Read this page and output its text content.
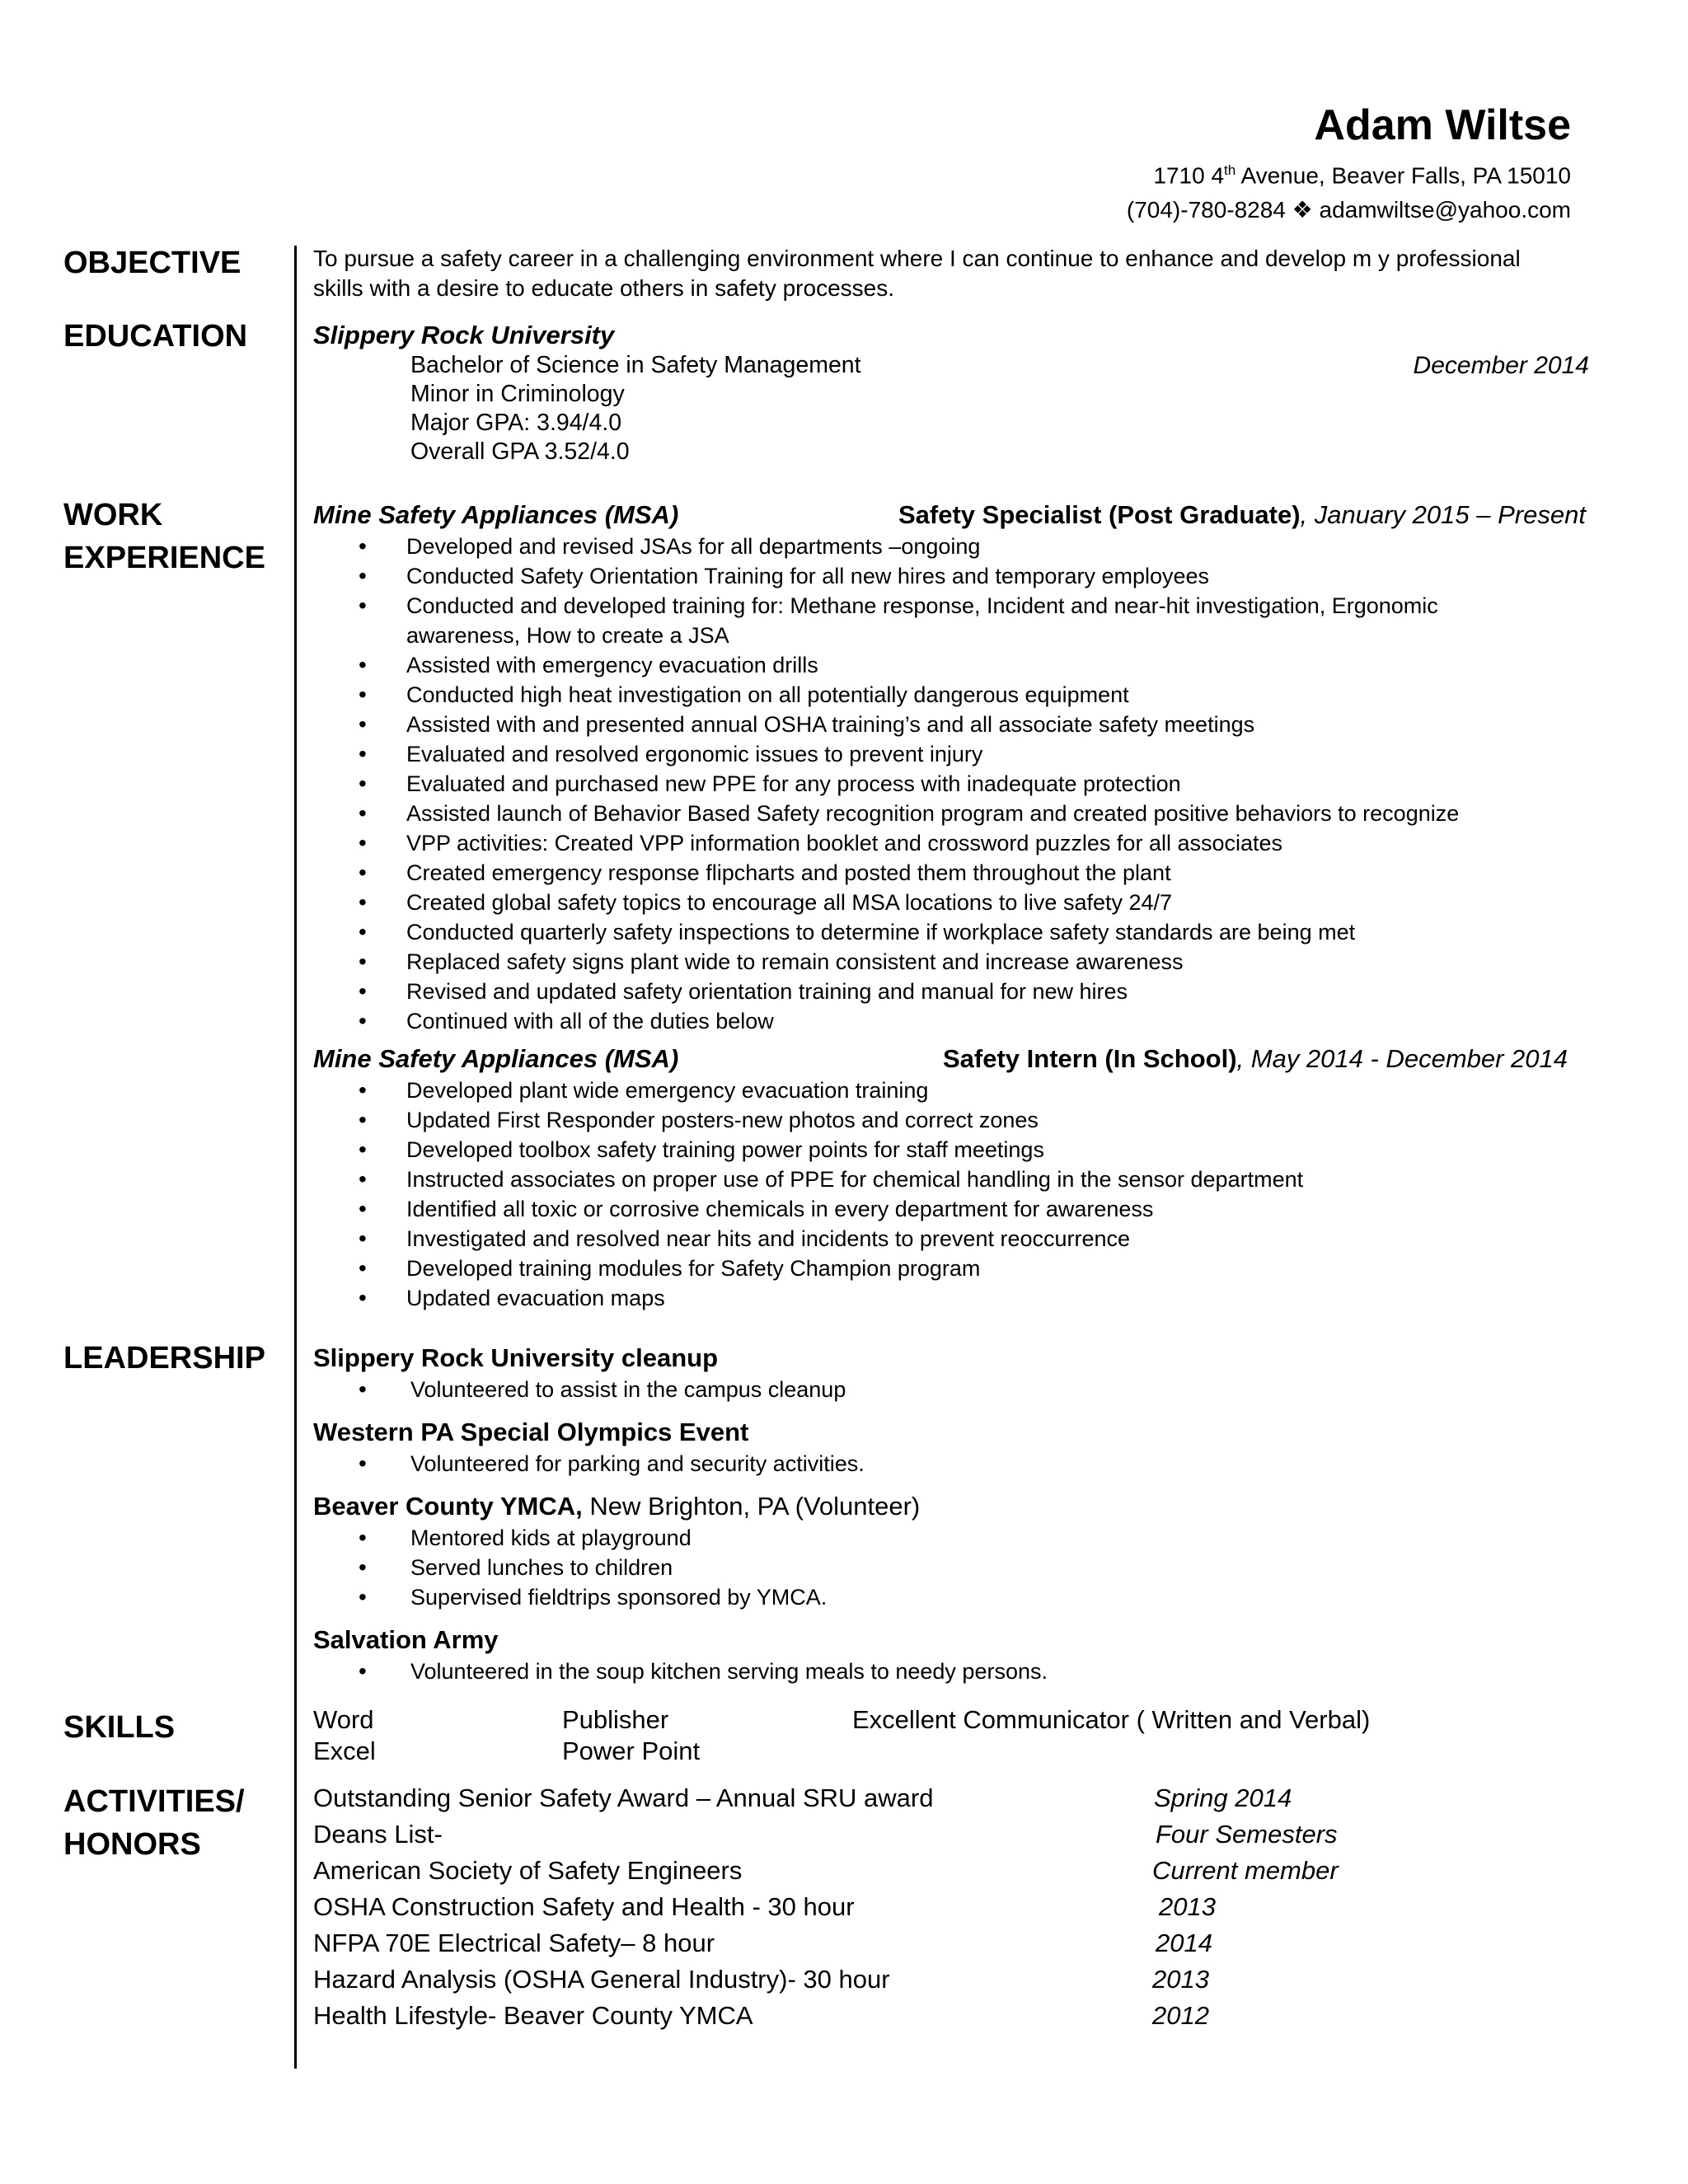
Adam Wiltse
1710 4th Avenue, Beaver Falls, PA 15010
(704)-780-8284 ❖ adamwiltse@yahoo.com
OBJECTIVE
EDUCATION
WORK
EXPERIENCE
LEADERSHIP
SKILLS
ACTIVITIES/
HONORS
To pursue a safety career in a challenging environment where I can continue to enhance and develop m y professional
skills with a desire to educate others in safety processes.
Slippery Rock University
Bachelor of Science in Safety Management	December 2014
Minor in Criminology
Major GPA: 3.94/4.0
Overall GPA 3.52/4.0
Mine Safety Appliances (MSA)	Safety Specialist (Post Graduate), January 2015 – Present
• Developed and revised JSAs for all departments –ongoing
• Conducted Safety Orientation Training for all new hires and temporary employees
• Conducted and developed training for: Methane response, Incident and near-hit investigation, Ergonomic
awareness, How to create a JSA
• Assisted with emergency evacuation drills
• Conducted high heat investigation on all potentially dangerous equipment
• Assisted with and presented annual OSHA training’s and all associate safety meetings
• Evaluated and resolved ergonomic issues to prevent injury
• Evaluated and purchased new PPE for any process with inadequate protection
• Assisted launch of Behavior Based Safety recognition program and created positive behaviors to recognize
• VPP activities: Created VPP information booklet and crossword puzzles for all associates
• Created emergency response flipcharts and posted them throughout the plant
• Created global safety topics to encourage all MSA locations to live safety 24/7
• Conducted quarterly safety inspections to determine if workplace safety standards are being met
• Replaced safety signs plant wide to remain consistent and increase awareness
• Revised and updated safety orientation training and manual for new hires
• Continued with all of the duties below
Mine Safety Appliances (MSA)	Safety Intern (In School), May 2014 - December 2014
• Developed plant wide emergency evacuation training
• Updated First Responder posters-new photos and correct zones
• Developed toolbox safety training power points for staff meetings
• Instructed associates on proper use of PPE for chemical handling in the sensor department
• Identified all toxic or corrosive chemicals in every department for awareness
• Investigated and resolved near hits and incidents to prevent reoccurrence
• Developed training modules for Safety Champion program
• Updated evacuation maps
Slippery Rock University cleanup
• Volunteered to assist in the campus cleanup
Western PA Special Olympics Event
• Volunteered for parking and security activities.
Beaver County YMCA, New Brighton, PA (Volunteer)
• Mentored kids at playground
• Served lunches to children
• Supervised fieldtrips sponsored by YMCA.
Salvation Army
• Volunteered in the soup kitchen serving meals to needy persons.
Word	Publisher	Excellent Communicator ( Written and Verbal)
Excel	Power Point
Outstanding Senior Safety Award – Annual SRU award	Spring 2014
Deans List-	Four Semesters
American Society of Safety Engineers	Current member
OSHA Construction Safety and Health - 30 hour	2013
NFPA 70E Electrical Safety– 8 hour	2014
Hazard Analysis (OSHA General Industry)- 30 hour	2013
Health Lifestyle- Beaver County YMCA	2012
